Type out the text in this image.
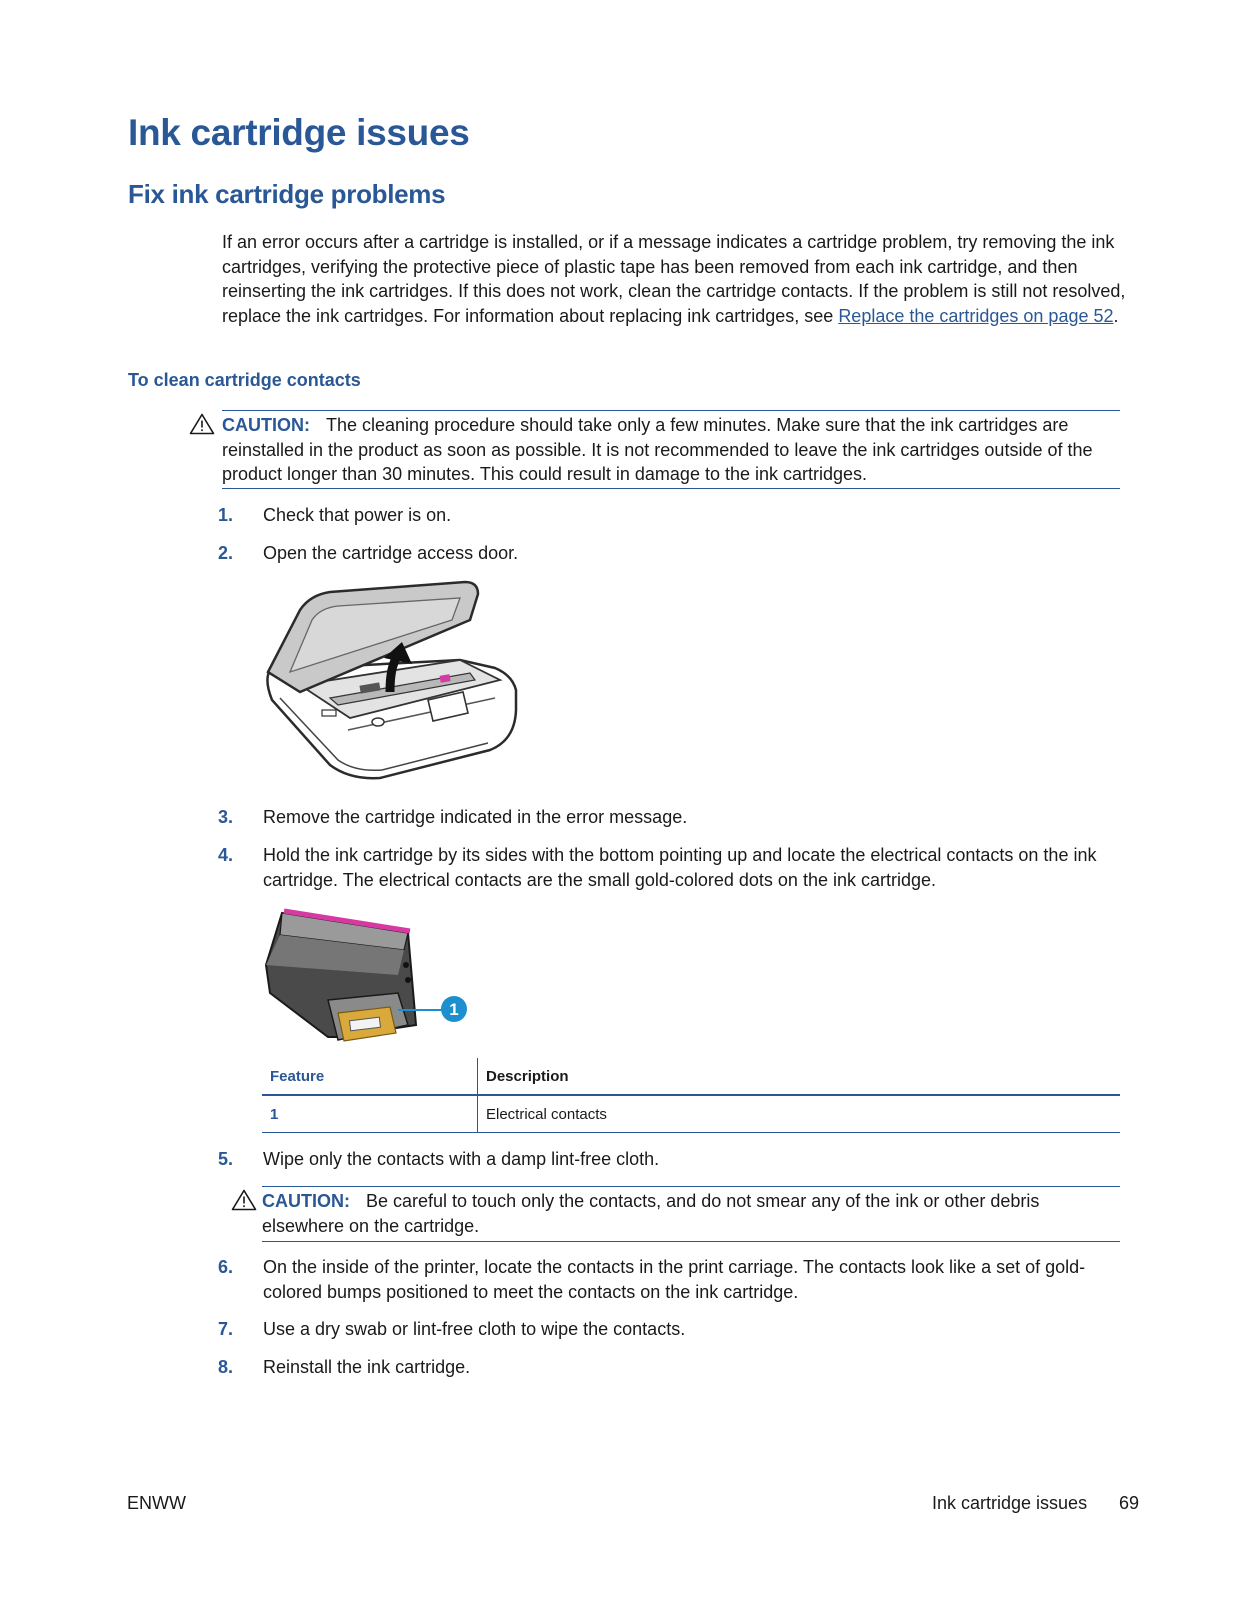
Ink cartridge issues
Fix ink cartridge problems

If an error occurs after a cartridge is installed, or if a message indicates a cartridge problem, try removing the ink cartridges, verifying the protective piece of plastic tape has been removed from each ink cartridge, and then reinserting the ink cartridges. If this does not work, clean the cartridge contacts. If the problem is still not resolved, replace the ink cartridges. For information about replacing ink cartridges, see Replace the cartridges on page 52.

To clean cartridge contacts

CAUTION: The cleaning procedure should take only a few minutes. Make sure that the ink cartridges are reinstalled in the product as soon as possible. It is not recommended to leave the ink cartridges outside of the product longer than 30 minutes. This could result in damage to the ink cartridges.

1. Check that power is on.
2. Open the cartridge access door.
3. Remove the cartridge indicated in the error message.
4. Hold the ink cartridge by its sides with the bottom pointing up and locate the electrical contacts on the ink cartridge. The electrical contacts are the small gold-colored dots on the ink cartridge.
1
Feature	Description
1	Electrical contacts
5. Wipe only the contacts with a damp lint-free cloth.

CAUTION: Be careful to touch only the contacts, and do not smear any of the ink or other debris elsewhere on the cartridge.

6. On the inside of the printer, locate the contacts in the print carriage. The contacts look like a set of gold-colored bumps positioned to meet the contacts on the ink cartridge.
7. Use a dry swab or lint-free cloth to wipe the contacts.
8. Reinstall the ink cartridge.
ENWW	Ink cartridge issues 69
